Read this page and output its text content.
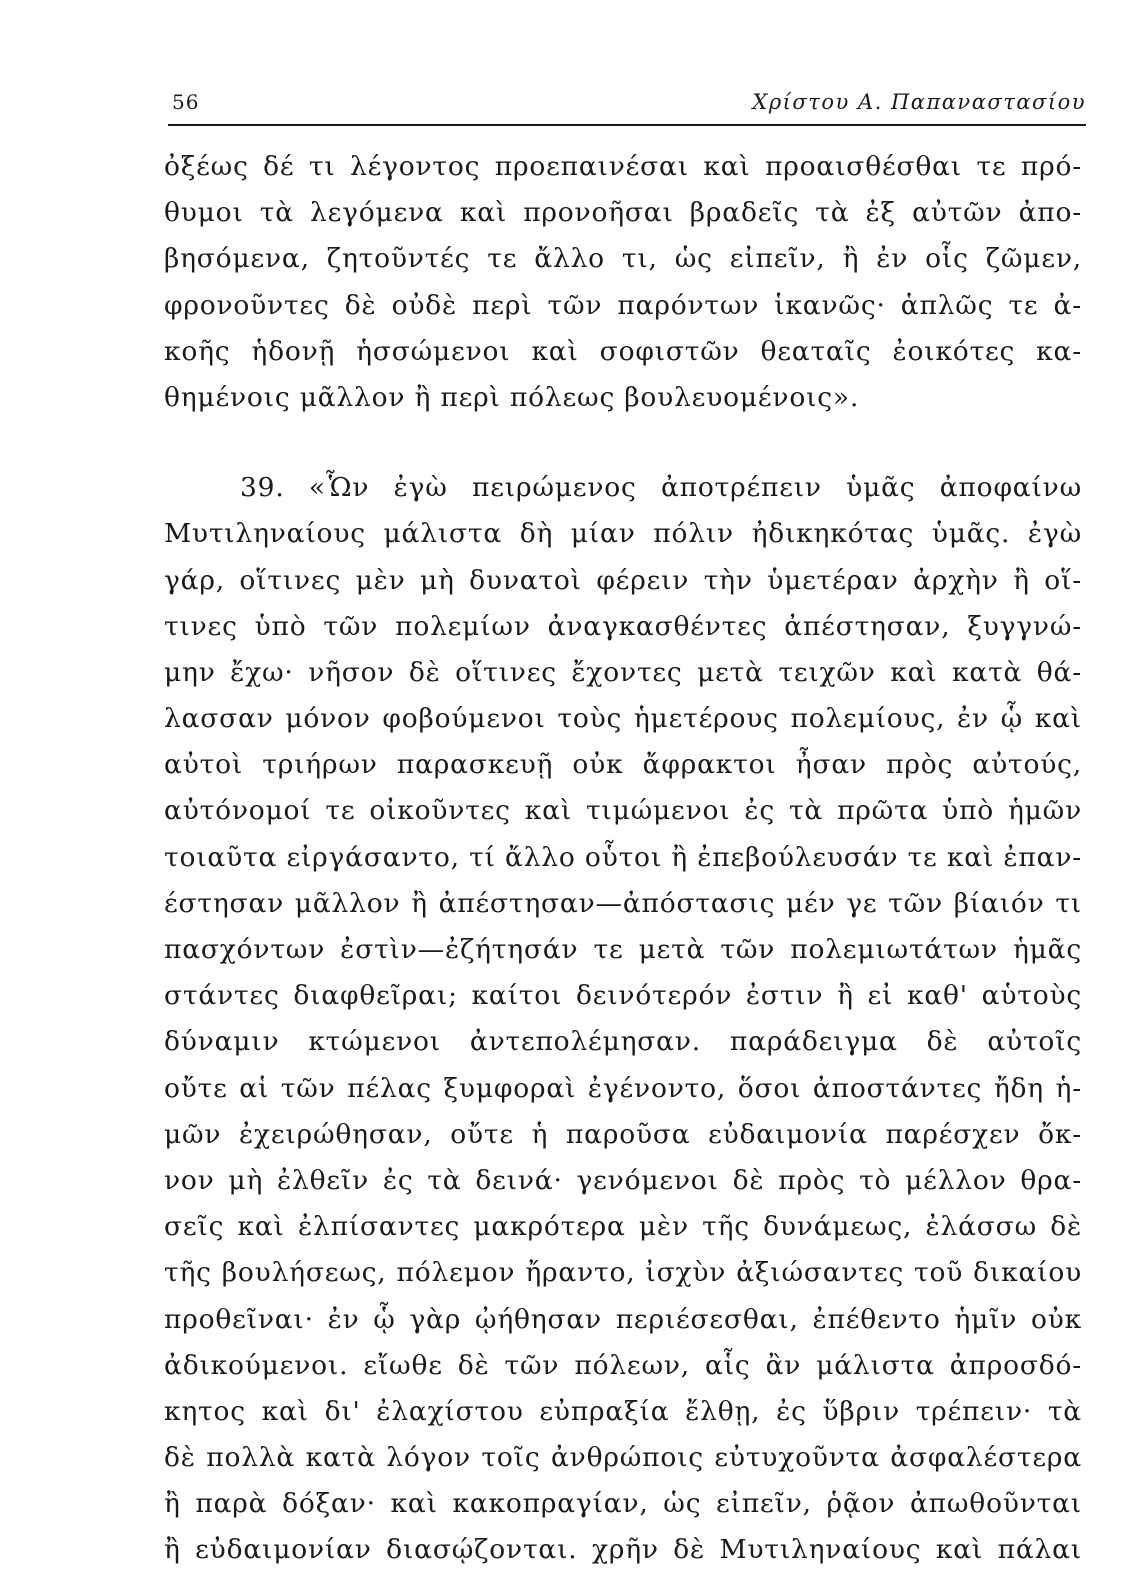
56	Χρίστου Α. Παπαναστασίου
ὀξέως δέ τι λέγοντος προεπαινέσαι καὶ προαισθέσθαι τε πρό-
θυμοι τὰ λεγόμενα καὶ προνοῆσαι βραδεῖς τὰ ἐξ αὐτῶν ἀπο-
βησόμενα, ζητοῦντές τε ἄλλο τι, ὡς εἰπεῖν, ἢ ἐν οἷς ζῶμεν,
φρονοῦντες δὲ οὐδὲ περὶ τῶν παρόντων ἱκανῶς· ἁπλῶς τε ἀ-
κοῆς ἡδονῇ ἡσσώμενοι καὶ σοφιστῶν θεαταῖς ἐοικότες κα-
θημένοις μᾶλλον ἢ περὶ πόλεως βουλευομένοις».
39. «Ὧν ἐγὼ πειρώμενος ἀποτρέπειν ὑμᾶς ἀποφαίνω
Μυτιληναίους μάλιστα δὴ μίαν πόλιν ἠδικηκότας ὑμᾶς. ἐγὼ
γάρ, οἵτινες μὲν μὴ δυνατοὶ φέρειν τὴν ὑμετέραν ἀρχὴν ἢ οἵ-
τινες ὑπὸ τῶν πολεμίων ἀναγκασθέντες ἀπέστησαν, ξυγγνώ-
μην ἔχω· νῆσον δὲ οἵτινες ἔχοντες μετὰ τειχῶν καὶ κατὰ θά-
λασσαν μόνον φοβούμενοι τοὺς ἡμετέρους πολεμίους, ἐν ᾧ καὶ
αὐτοὶ τριήρων παρασκευῇ οὐκ ἄφρακτοι ἦσαν πρὸς αὐτούς,
αὐτόνομοί τε οἰκοῦντες καὶ τιμώμενοι ἐς τὰ πρῶτα ὑπὸ ἡμῶν
τοιαῦτα εἰργάσαντο, τί ἄλλο οὗτοι ἢ ἐπεβούλευσάν τε καὶ ἐπαν-
έστησαν μᾶλλον ἢ ἀπέστησαν—ἀπόστασις μέν γε τῶν βίαιόν τι
πασχόντων ἐστὶν—ἐζήτησάν τε μετὰ τῶν πολεμιωτάτων ἡμᾶς
στάντες διαφθεῖραι; καίτοι δεινότερόν ἐστιν ἢ εἰ καθ' αὑτοὺς
δύναμιν κτώμενοι ἀντεπολέμησαν. παράδειγμα δὲ αὐτοῖς
οὔτε αἱ τῶν πέλας ξυμφοραὶ ἐγένοντο, ὅσοι ἀποστάντες ἤδη ἡ-
μῶν ἐχειρώθησαν, οὔτε ἡ παροῦσα εὐδαιμονία παρέσχεν ὄκ-
νον μὴ ἐλθεῖν ἐς τὰ δεινά· γενόμενοι δὲ πρὸς τὸ μέλλον θρα-
σεῖς καὶ ἐλπίσαντες μακρότερα μὲν τῆς δυνάμεως, ἐλάσσω δὲ
τῆς βουλήσεως, πόλεμον ἤραντο, ἰσχὺν ἀξιώσαντες τοῦ δικαίου
προθεῖναι· ἐν ᾧ γὰρ ᾠήθησαν περιέσεσθαι, ἐπέθεντο ἡμῖν οὐκ
ἀδικούμενοι. εἴωθε δὲ τῶν πόλεων, αἷς ἂν μάλιστα ἀπροσδό-
κητος καὶ δι' ἐλαχίστου εὐπραξία ἔλθῃ, ἐς ὕβριν τρέπειν· τὰ
δὲ πολλὰ κατὰ λόγον τοῖς ἀνθρώποις εὐτυχοῦντα ἀσφαλέστερα
ἢ παρὰ δόξαν· καὶ κακοπραγίαν, ὡς εἰπεῖν, ῥᾷον ἀπωθοῦνται
ἢ εὐδαιμονίαν διασῴζονται. χρῆν δὲ Μυτιληναίους καὶ πάλαι
